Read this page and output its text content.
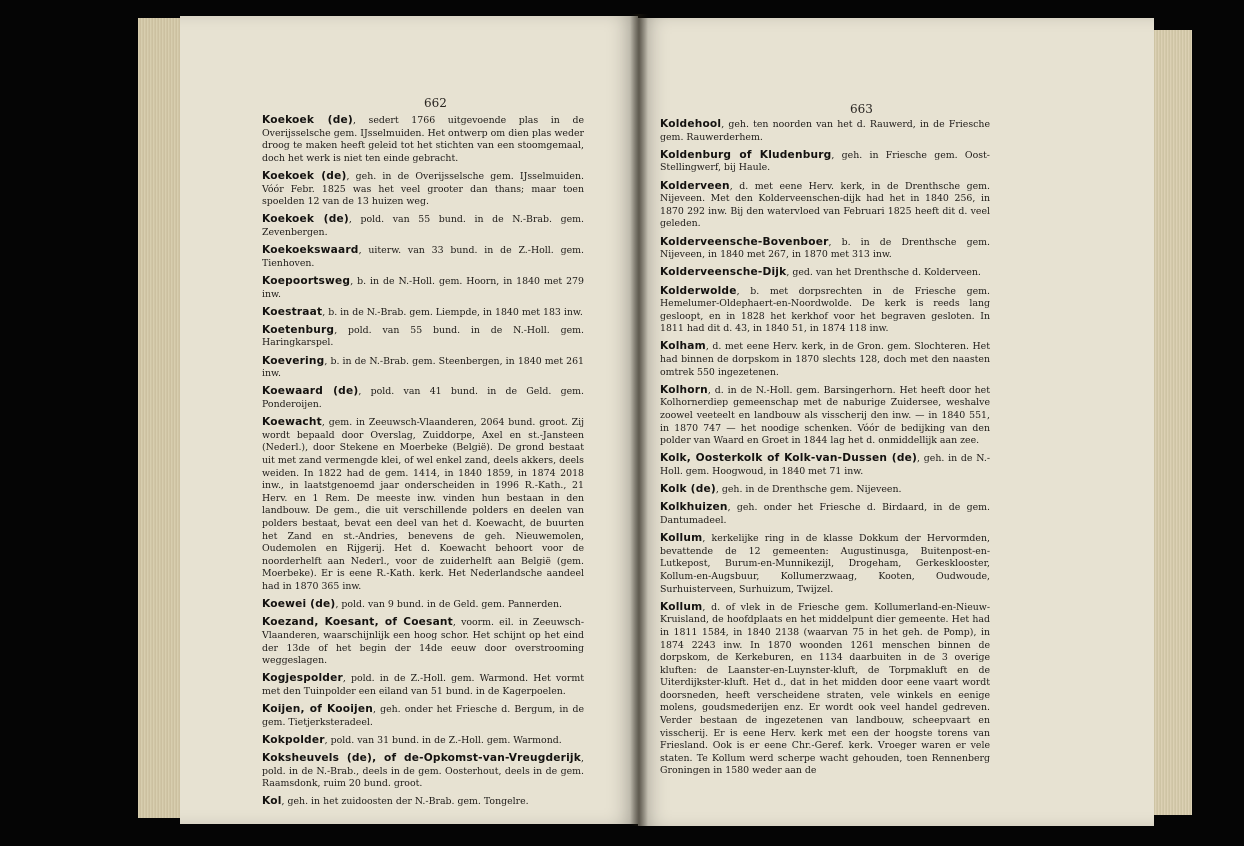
662

Koekoek (de), sedert 1766 uitgevoende plas in de Overijsselsche gem. IJsselmuiden. Het ontwerp om dien plas weder droog te maken heeft geleid tot het stichten van een stoomgemaal, doch het werk is niet ten einde gebracht.

Koekoek (de), geh. in de Overijsselsche gem. IJsselmuiden. Vóór Febr. 1825 was het veel grooter dan thans; maar toen spoelden 12 van de 13 huizen weg.

Koekoek (de), pold. van 55 bund. in de N.-Brab. gem. Zevenbergen.

Koekoekswaard, uiterw. van 33 bund. in de Z.-Holl. gem. Tienhoven.

Koepoortsweg, b. in de N.-Holl. gem. Hoorn, in 1840 met 279 inw.

Koestraat, b. in de N.-Brab. gem. Liempde, in 1840 met 183 inw.

Koetenburg, pold. van 55 bund. in de N.-Holl. gem. Haringkarspel.

Koevering, b. in de N.-Brab. gem. Steenbergen, in 1840 met 261 inw.

Koewaard (de), pold. van 41 bund. in de Geld. gem. Ponderoijen.

Koewacht, gem. in Zeeuwsch-Vlaanderen, 2064 bund. groot. Zij wordt bepaald door Overslag, Zuiddorpe, Axel en st.-Jansteen (Nederl.), door Stekene en Moerbeke (België). De grond bestaat uit met zand vermengde klei, of wel enkel zand, deels akkers, deels weiden. In 1822 had de gem. 1414, in 1840 1859, in 1874 2018 inw., in laatstgenoemd jaar onderscheiden in 1996 R.-Kath., 21 Herv. en 1 Rem. De meeste inw. vinden hun bestaan in den landbouw. De gem., die uit verschillende polders en deelen van polders bestaat, bevat een deel van het d. Koewacht, de buurten het Zand en st.-Andries, benevens de geh. Nieuwemolen, Oudemolen en Rijgerij. Het d. Koewacht behoort voor de noorderhelft aan Nederl., voor de zuiderhelft aan België (gem. Moerbeke). Er is eene R.-Kath. kerk. Het Nederlandsche aandeel had in 1870 365 inw.

Koewei (de), pold. van 9 bund. in de Geld. gem. Pannerden.

Koezand, Koesant, of Coesant, voorm. eil. in Zeeuwsch-Vlaanderen, waarschijnlijk een hoog schor. Het schijnt op het eind der 13de of het begin der 14de eeuw door overstrooming weggeslagen.

Kogjespolder, pold. in de Z.-Holl. gem. Warmond. Het vormt met den Tuinpolder een eiland van 51 bund. in de Kagerpoelen.

Koijen, of Kooijen, geh. onder het Friesche d. Bergum, in de gem. Tietjerksteradeel.

Kokpolder, pold. van 31 bund. in de Z.-Holl. gem. Warmond.

Koksheuvels (de), of de-Opkomst-van-Vreugderijk, pold. in de N.-Brab., deels in de gem. Oosterhout, deels in de gem. Raamsdonk, ruim 20 bund. groot.

Kol, geh. in het zuidoosten der N.-Brab. gem. Tongelre.

663

Koldehool, geh. ten noorden van het d. Rauwerd, in de Friesche gem. Rauwerderhem.

Koldenburg of Kludenburg, geh. in Friesche gem. Oost-Stellingwerf, bij Haule.

Kolderveen, d. met eene Herv. kerk, in de Drenthsche gem. Nijeveen. Met den Kolderveenschen-dijk had het in 1840 256, in 1870 292 inw. Bij den watervloed van Februari 1825 heeft dit d. veel geleden.

Kolderveensche-Bovenboer, b. in de Drenthsche gem. Nijeveen, in 1840 met 267, in 1870 met 313 inw.

Kolderveensche-Dijk, ged. van het Drenthsche d. Kolderveen.

Kolderwolde, b. met dorpsrechten in de Friesche gem. Hemelumer-Oldephaert-en-Noordwolde. De kerk is reeds lang gesloopt, en in 1828 het kerkhof voor het begraven gesloten. In 1811 had dit d. 43, in 1840 51, in 1874 118 inw.

Kolham, d. met eene Herv. kerk, in de Gron. gem. Slochteren. Het had binnen de dorpskom in 1870 slechts 128, doch met den naasten omtrek 550 ingezetenen.

Kolhorn, d. in de N.-Holl. gem. Barsingerhorn. Het heeft door het Kolhornerdiep gemeenschap met de naburige Zuidersee, weshalve zoowel veeteelt en landbouw als visscherij den inw. — in 1840 551, in 1870 747 — het noodige schenken. Vóór de bedijking van den polder van Waard en Groet in 1844 lag het d. onmiddellijk aan zee.

Kolk, Oosterkolk of Kolk-van-Dussen (de), geh. in de N.-Holl. gem. Hoogwoud, in 1840 met 71 inw.

Kolk (de), geh. in de Drenthsche gem. Nijeveen.

Kolkhuizen, geh. onder het Friesche d. Birdaard, in de gem. Dantumadeel.

Kollum, kerkelijke ring in de klasse Dokkum der Hervormden, bevattende de 12 gemeenten: Augustinusga, Buitenpost-en-Lutkepost, Burum-en-Munnikezijl, Drogeham, Gerkesklooster, Kollum-en-Augsbuur, Kollumerzwaag, Kooten, Oudwoude, Surhuisterveen, Surhuizum, Twijzel.

Kollum, d. of vlek in de Friesche gem. Kollumerland-en-Nieuw-Kruisland, de hoofdplaats en het middelpunt dier gemeente. Het had in 1811 1584, in 1840 2138 (waarvan 75 in het geh. de Pomp), in 1874 2243 inw. In 1870 woonden 1261 menschen binnen de dorpskom, de Kerkeburen, en 1134 daarbuiten in de 3 overige kluften: de Laanster-en-Luynster-kluft, de Torpmakluft en de Uiterdijkster-kluft. Het d., dat in het midden door eene vaart wordt doorsneden, heeft verscheidene straten, vele winkels en eenige molens, goudsmederijen enz. Er wordt ook veel handel gedreven. Verder bestaan de ingezetenen van landbouw, scheepvaart en visscherij. Er is eene Herv. kerk met een der hoogste torens van Friesland. Ook is er eene Chr.-Geref. kerk. Vroeger waren er vele staten. Te Kollum werd scherpe wacht gehouden, toen Rennenberg Groningen in 1580 weder aan de
